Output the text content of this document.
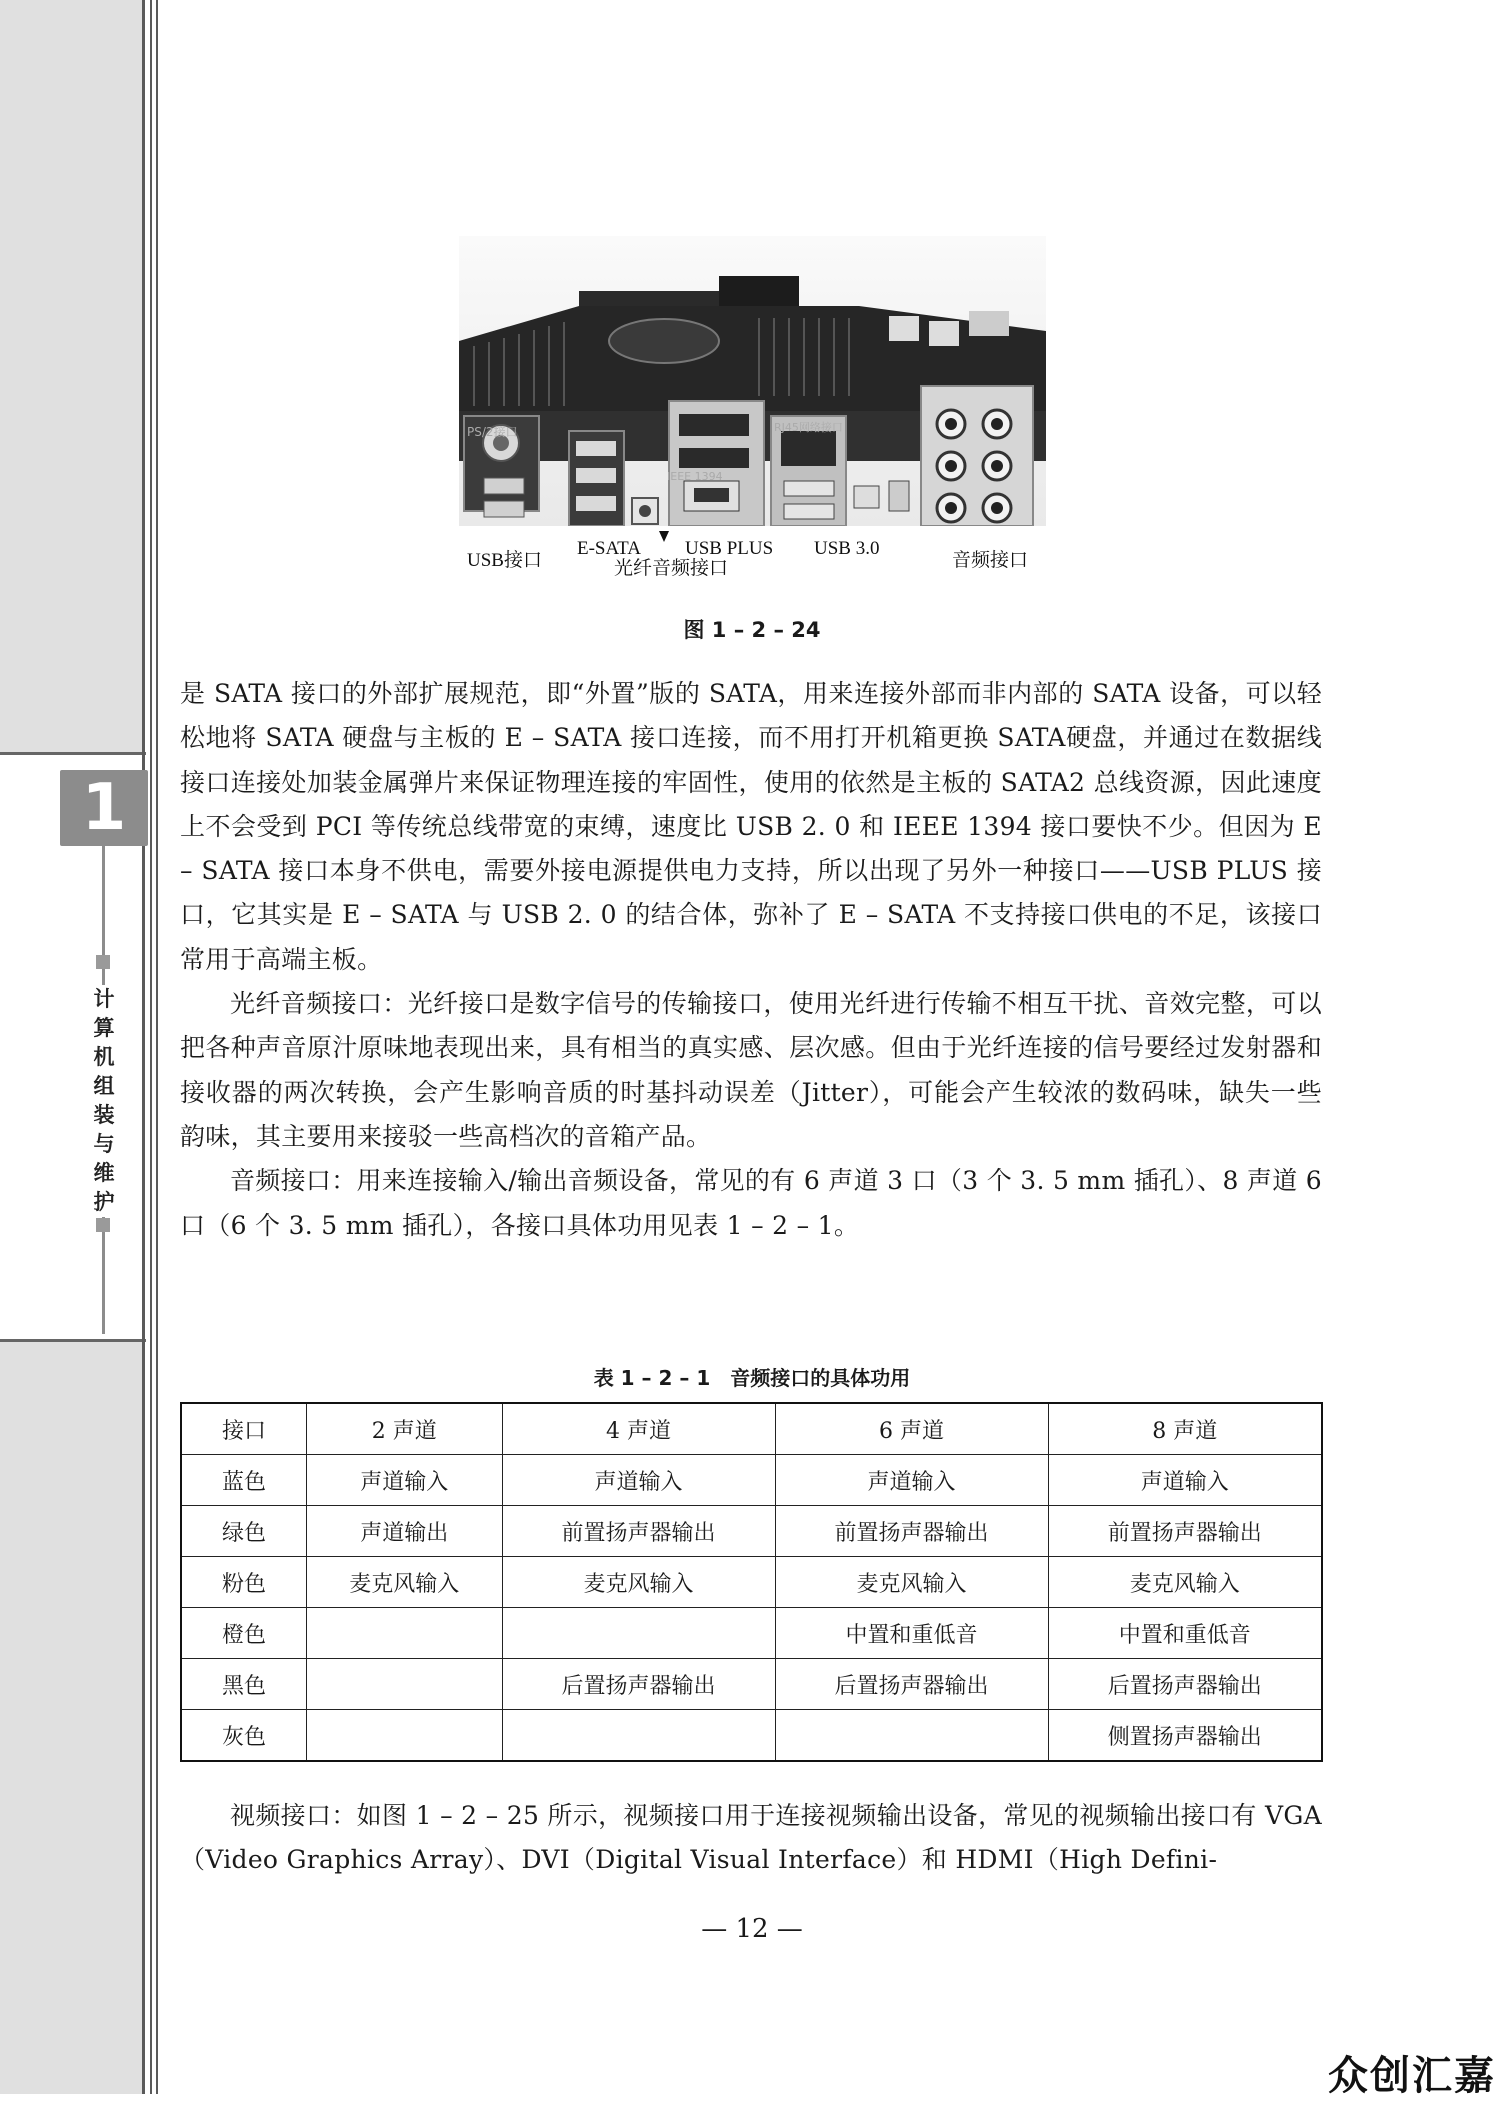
1
计
算
机
组
装
与
维
护
PS/2接口
IEEE 1394
RJ45网络接口
USB接口
E-SATA USB PLUS USB 3.0
音频接口
光纤音频接口
图 1 – 2 – 24

是 SATA 接口的外部扩展规范，即“外置”版的 SATA，用来连接外部而非内部的 SATA 设备，可以轻松地将 SATA 硬盘与主板的 E – SATA 接口连接，而不用打开机箱更换 SATA硬盘，并通过在数据线接口连接处加装金属弹片来保证物理连接的牢固性，使用的依然是主板的 SATA2 总线资源，因此速度上不会受到 PCI 等传统总线带宽的束缚，速度比 USB 2. 0 和 IEEE 1394 接口要快不少。但因为 E – SATA 接口本身不供电，需要外接电源提供电力支持，所以出现了另外一种接口——USB PLUS 接口，它其实是 E – SATA 与 USB 2. 0 的结合体，弥补了 E – SATA 不支持接口供电的不足，该接口常用于高端主板。

光纤音频接口：光纤接口是数字信号的传输接口，使用光纤进行传输不相互干扰、音效完整，可以把各种声音原汁原味地表现出来，具有相当的真实感、层次感。但由于光纤连接的信号要经过发射器和接收器的两次转换，会产生影响音质的时基抖动误差（Jitter），可能会产生较浓的数码味，缺失一些韵味，其主要用来接驳一些高档次的音箱产品。

音频接口：用来连接输入/输出音频设备，常见的有 6 声道 3 口（3 个 3. 5 mm 插孔）、8 声道 6 口（6 个 3. 5 mm 插孔），各接口具体功用见表 1 – 2 – 1。

表 1 – 2 – 1　音频接口的具体功用
接口	2 声道	4 声道	6 声道	8 声道
蓝色	声道输入	声道输入	声道输入	声道输入
绿色	声道输出	前置扬声器输出	前置扬声器输出	前置扬声器输出
粉色	麦克风输入	麦克风输入	麦克风输入	麦克风输入
橙色			中置和重低音	中置和重低音
黑色		后置扬声器输出	后置扬声器输出	后置扬声器输出
灰色				侧置扬声器输出

视频接口：如图 1 – 2 – 25 所示，视频接口用于连接视频输出设备，常见的视频输出接口有 VGA（Video Graphics Array）、DVI（Digital Visual Interface）和 HDMI（High Defini-

— 12 —
众创汇嘉
